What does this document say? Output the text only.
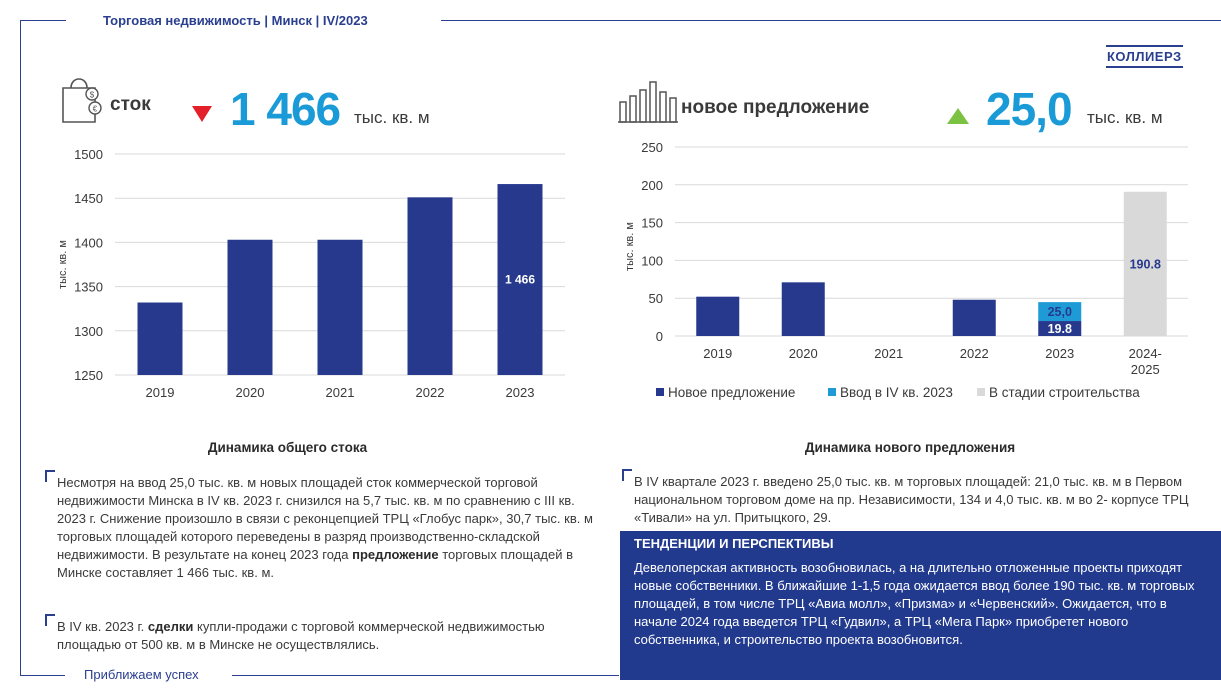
Торговая недвижимость | Минск | IV/2023
КОЛЛИЕРЗ
Приближаем успех
$
€ сток 1 466 тыс. кв. м	новое предложение	25,0 тыс. кв. м
1250
1300
1350
1400
1450
1500
тыс. кв. м
2019	2020	2021	2022	2023
1 466
Динамика общего стока
0
50
100
150
200
250
тыс. кв. м
2019	2020	2021	2022
19.8
25,0
2023
190.8
2024-
2025
Новое предложение	Ввод в IV кв. 2023	В стадии строительства
Динамика нового предложения
Несмотря на ввод 25,0 тыс. кв. м новых площадей сток коммерческой торговой недвижимости Минска в IV кв. 2023 г. снизился на 5,7 тыс. кв. м по сравнению с III кв. 2023 г. Снижение произошло в связи с реконцепцией ТРЦ «Глобус парк», 30,7 тыс. кв. м торговых площадей которого переведены в разряд производственно-складской недвижимости. В результате на конец 2023 года предложение торговых площадей в Минске составляет 1 466 тыс. кв. м.
В IV кв. 2023 г. сделки купли-продажи с торговой коммерческой недвижимостью площадью от 500 кв. м в Минске не осуществлялись.
В IV квартале 2023 г. введено 25,0 тыс. кв. м торговых площадей: 21,0 тыс. кв. м в Первом национальном торговом доме на пр. Независимости, 134 и 4,0 тыс. кв. м во 2- корпусе ТРЦ «Тивали» на ул. Притыцкого, 29.
ТЕНДЕНЦИИ И ПЕРСПЕКТИВЫ
Девелоперская активность возобновилась, а на длительно отложенные проекты приходят новые собственники. В ближайшие 1-1,5 года ожидается ввод более 190 тыс. кв. м торговых площадей, в том числе ТРЦ «Авиа молл», «Призма» и «Червенский». Ожидается, что в начале 2024 года введется ТРЦ «Гудвил», а ТРЦ «Мега Парк» приобретет нового собственника, и строительство проекта возобновится.
